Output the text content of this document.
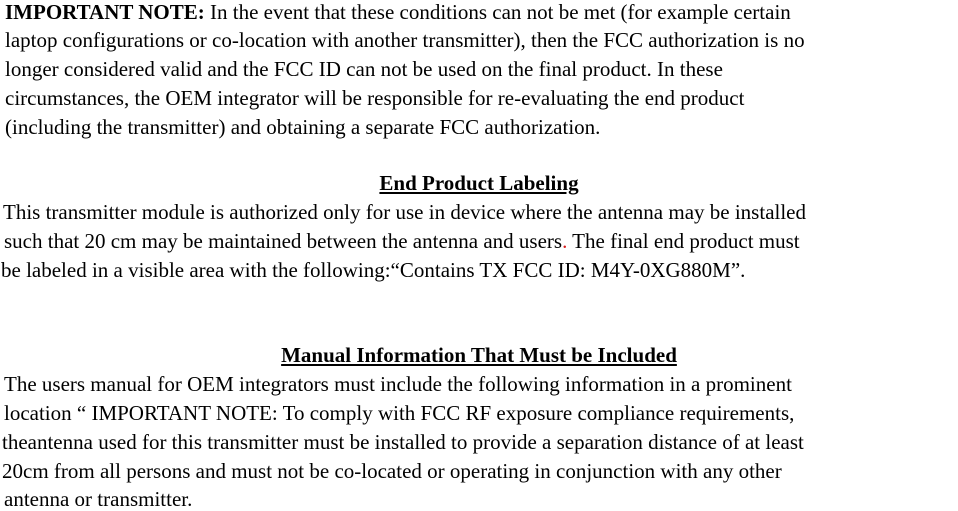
IMPORTANT NOTE: In the event that these conditions can not be met (for example certain
laptop configurations or co-location with another transmitter), then the FCC authorization is no
longer considered valid and the FCC ID can not be used on the final product. In these
circumstances, the OEM integrator will be responsible for re-evaluating the end product
(including the transmitter) and obtaining a separate FCC authorization.
End Product Labeling
This transmitter module is authorized only for use in device where the antenna may be installed
such that 20 cm may be maintained between the antenna and users. The final end product must
be labeled in a visible area with the following:“Contains TX FCC ID: M4Y-0XG880M”.
Manual Information That Must be Included
The users manual for OEM integrators must include the following information in a prominent
location “ IMPORTANT NOTE: To comply with FCC RF exposure compliance requirements,
theantenna used for this transmitter must be installed to provide a separation distance of at least
20cm from all persons and must not be co-located or operating in conjunction with any other
antenna or transmitter.
